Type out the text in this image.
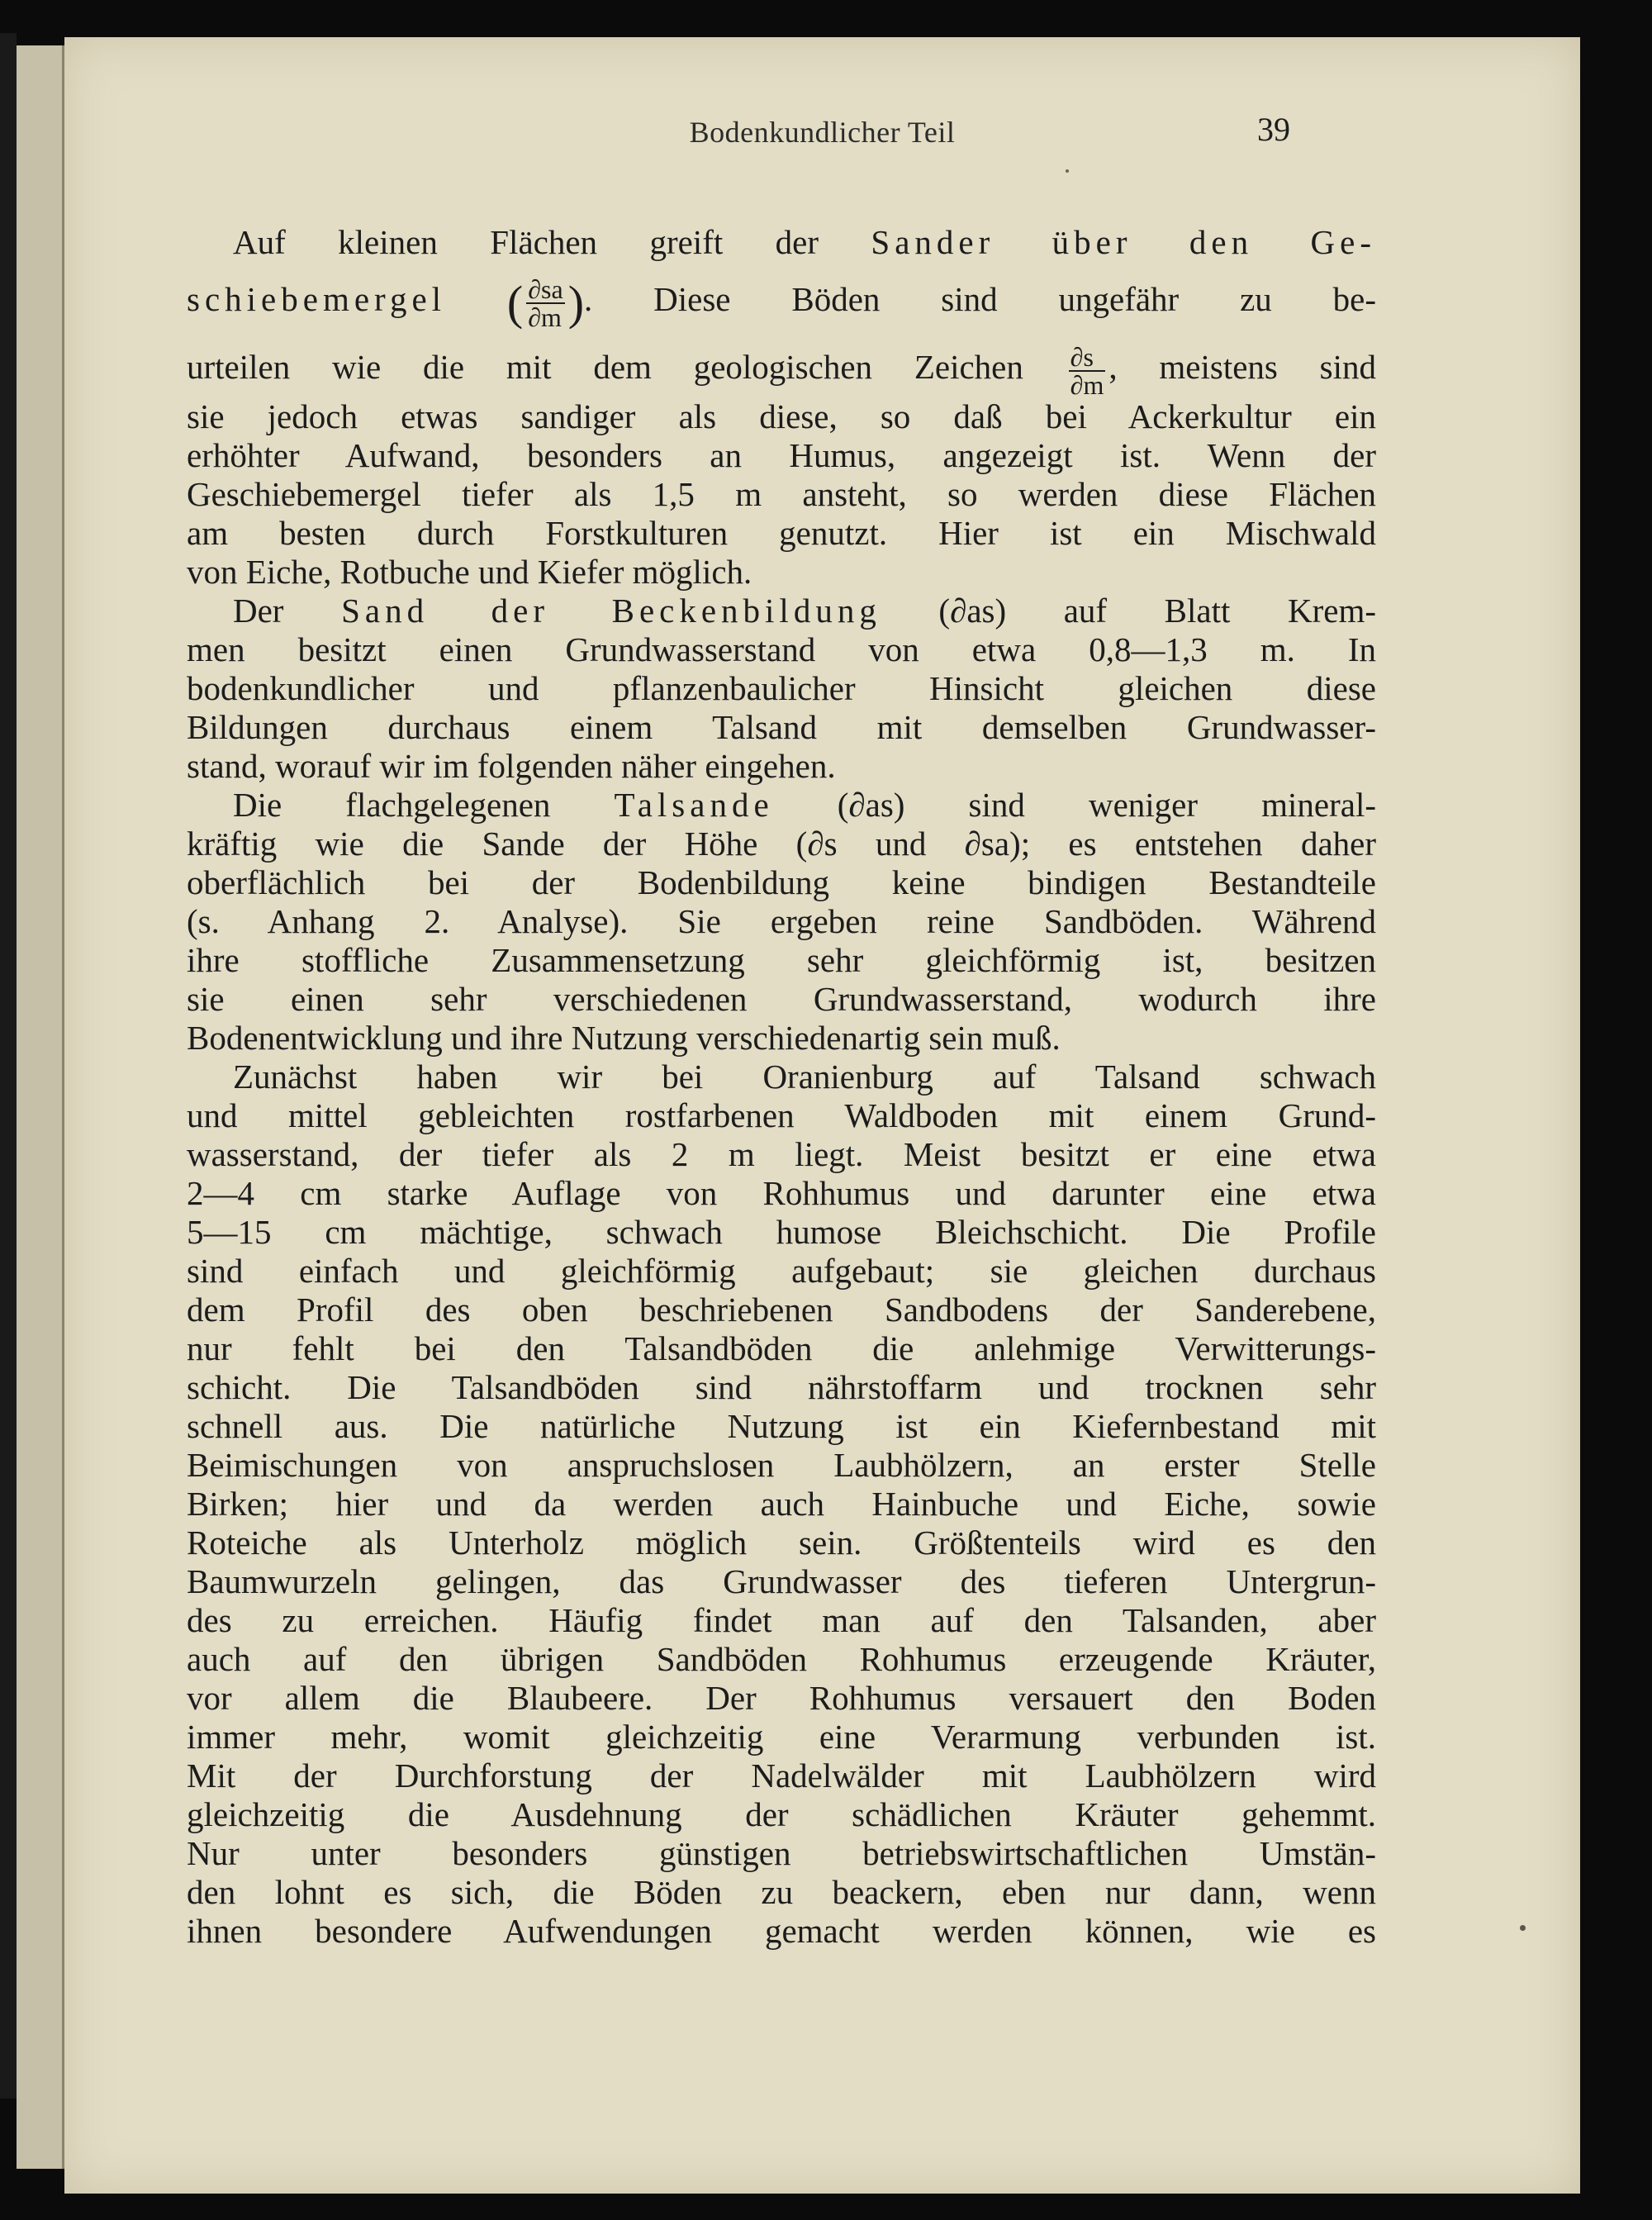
Bodenkundlicher Teil	39
Auf kleinen Flächen greift der Sander über den Ge-
schiebemergel ( $\frac{\partial sa}{\partial m}$ ). Diese Böden sind ungefähr zu be-
urteilen wie die mit dem geologischen Zeichen $\frac{\partial s}{\partial m}$ , meistens sind
sie jedoch etwas sandiger als diese, so daß bei Ackerkultur ein
erhöhter Aufwand, besonders an Humus, angezeigt ist. Wenn der
Geschiebemergel tiefer als 1,5 m ansteht, so werden diese Flächen
am besten durch Forstkulturen genutzt. Hier ist ein Mischwald
von Eiche, Rotbuche und Kiefer möglich.
Der Sand der Beckenbildung (∂as) auf Blatt Krem-
men besitzt einen Grundwasserstand von etwa 0,8—1,3 m. In
bodenkundlicher und pflanzenbaulicher Hinsicht gleichen diese
Bildungen durchaus einem Talsand mit demselben Grundwasser-
stand, worauf wir im folgenden näher eingehen.
Die flachgelegenen Talsande (∂as) sind weniger mineral-
kräftig wie die Sande der Höhe (∂s und ∂sa); es entstehen daher
oberflächlich bei der Bodenbildung keine bindigen Bestandteile
(s. Anhang 2. Analyse). Sie ergeben reine Sandböden. Während
ihre stoffliche Zusammensetzung sehr gleichförmig ist, besitzen
sie einen sehr verschiedenen Grundwasserstand, wodurch ihre
Bodenentwicklung und ihre Nutzung verschiedenartig sein muß.
Zunächst haben wir bei Oranienburg auf Talsand schwach
und mittel gebleichten rostfarbenen Waldboden mit einem Grund-
wasserstand, der tiefer als 2 m liegt. Meist besitzt er eine etwa
2—4 cm starke Auflage von Rohhumus und darunter eine etwa
5—15 cm mächtige, schwach humose Bleichschicht. Die Profile
sind einfach und gleichförmig aufgebaut; sie gleichen durchaus
dem Profil des oben beschriebenen Sandbodens der Sanderebene,
nur fehlt bei den Talsandböden die anlehmige Verwitterungs-
schicht. Die Talsandböden sind nährstoffarm und trocknen sehr
schnell aus. Die natürliche Nutzung ist ein Kiefernbestand mit
Beimischungen von anspruchslosen Laubhölzern, an erster Stelle
Birken; hier und da werden auch Hainbuche und Eiche, sowie
Roteiche als Unterholz möglich sein. Größtenteils wird es den
Baumwurzeln gelingen, das Grundwasser des tieferen Untergrun-
des zu erreichen. Häufig findet man auf den Talsanden, aber
auch auf den übrigen Sandböden Rohhumus erzeugende Kräuter,
vor allem die Blaubeere. Der Rohhumus versauert den Boden
immer mehr, womit gleichzeitig eine Verarmung verbunden ist.
Mit der Durchforstung der Nadelwälder mit Laubhölzern wird
gleichzeitig die Ausdehnung der schädlichen Kräuter gehemmt.
Nur unter besonders günstigen betriebswirtschaftlichen Umstän-
den lohnt es sich, die Böden zu beackern, eben nur dann, wenn
ihnen besondere Aufwendungen gemacht werden können, wie es
